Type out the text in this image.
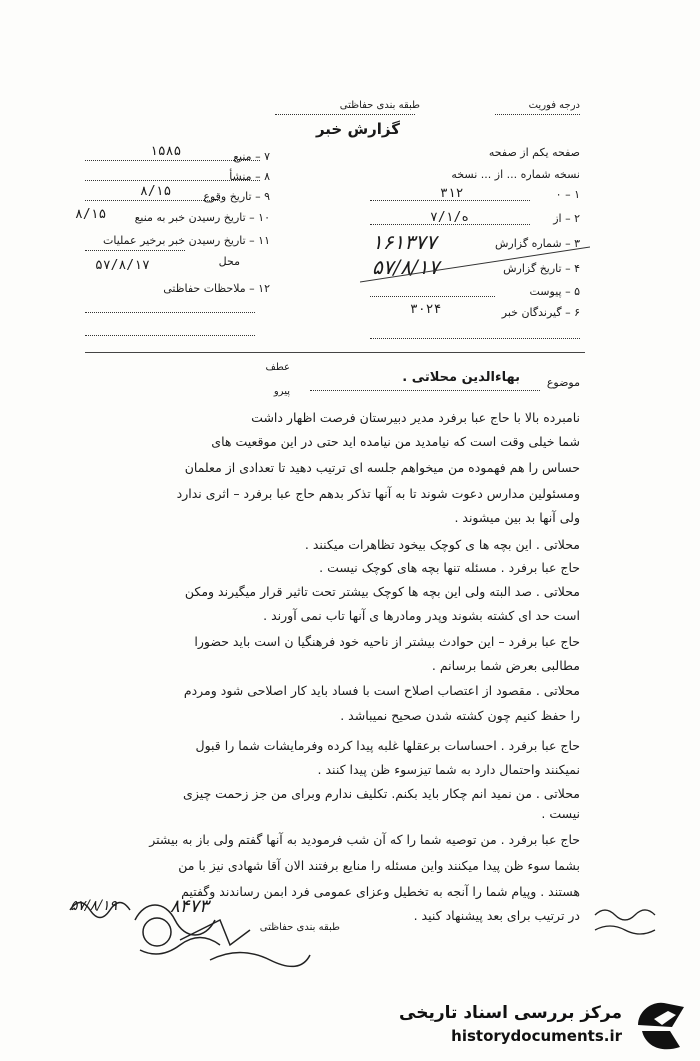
طبقه بندی حفاظتی	درجه فوریت
گزارش خبر
۷ – منبع
۱۵۸۵
۸ – منشأ
۹ – تاریخ وقوع
۸/۱۵
۱۰ – تاریخ رسیدن خبر به منبع
۸/۱۵
۱۱ – تاریخ رسیدن خبر برخیر عملیات
محل
۵۷/۸/۱۷
۱۲ – ملاحظات حفاظتی
صفحه یکم از صفحه
نسخه شماره ... از ... نسخه
۱ – ۰
۳۱۲
۲ – از
۷/ه/۱
۳ – شماره گزارش
۱۶۱۳۷۷
۴ – تاریخ گزارش
۵۷/۸/۱۷
۵ – پیوست
۶ – گیرندگان خبر
۳۰۲۴
عطف
پیرو
موضوع
بهاءالدین محلاتی .
نامبرده بالا با حاج عبا برفرد مدیر دبیرستان فرصت اظهار داشت
شما خیلی وقت است که نیامدید من نیامده اید حتی در این موقعیت های
حساس را هم فهموده من میخواهم جلسه ای ترتیب دهید تا تعدادی از معلمان
ومسئولین مدارس دعوت شوند تا به آنها تذکر بدهم حاج عبا برفرد – اثری ندارد
ولی آنها بد بین میشوند .
محلاتی . این بچه ها ی کوچک بیخود تظاهرات میکنند .
حاج عبا برفرد . مسئله تنها بچه های کوچک نیست .
محلاتی . صد البته ولی این بچه ها کوچک بیشتر تحت تاثیر قرار میگیرند ومکن
است حد ای کشته بشوند وپدر ومادرها ی آنها تاب نمی آورند .
حاج عبا برفرد – این حوادث بیشتر از ناحیه خود فرهنگیا ن است باید حضورا
مطالبی بعرض شما برسانم .
محلاتی . مقصود از اعتصاب اصلاح است با فساد باید کار اصلاحی شود ومردم
را حفظ کنیم چون کشته شدن صحیح نمیباشد .
حاج عبا برفرد . احساسات برعقلها غلبه پیدا کرده وفرمایشات شما را قبول
نمیکنند واحتمال دارد به شما تیزسوء ظن پیدا کنند .
محلاتی . من نمید انم چکار باید بکنم. تکلیف ندارم وبرای من جز زحمت چیزی
نیست .
حاج عبا برفرد . من توصیه شما را که آن شب فرمودید به آنها گفتم ولی باز به بیشتر
بشما سوء ظن پیدا میکنند واین مسئله را منایع برفتند الان آقا شهادی نیز با من
هستند . وپیام شما را آنجه به تخطیل وعزای عمومی فرد ابمن رساندند وگفتیم
در ترتیب برای بعد پیشنهاد کنید .
طبقه بندی حفاظتی
۸۴۷۳
۵۷/۸/۱۹
مرکز بررسی اسناد تاریخی
historydocuments.ir
